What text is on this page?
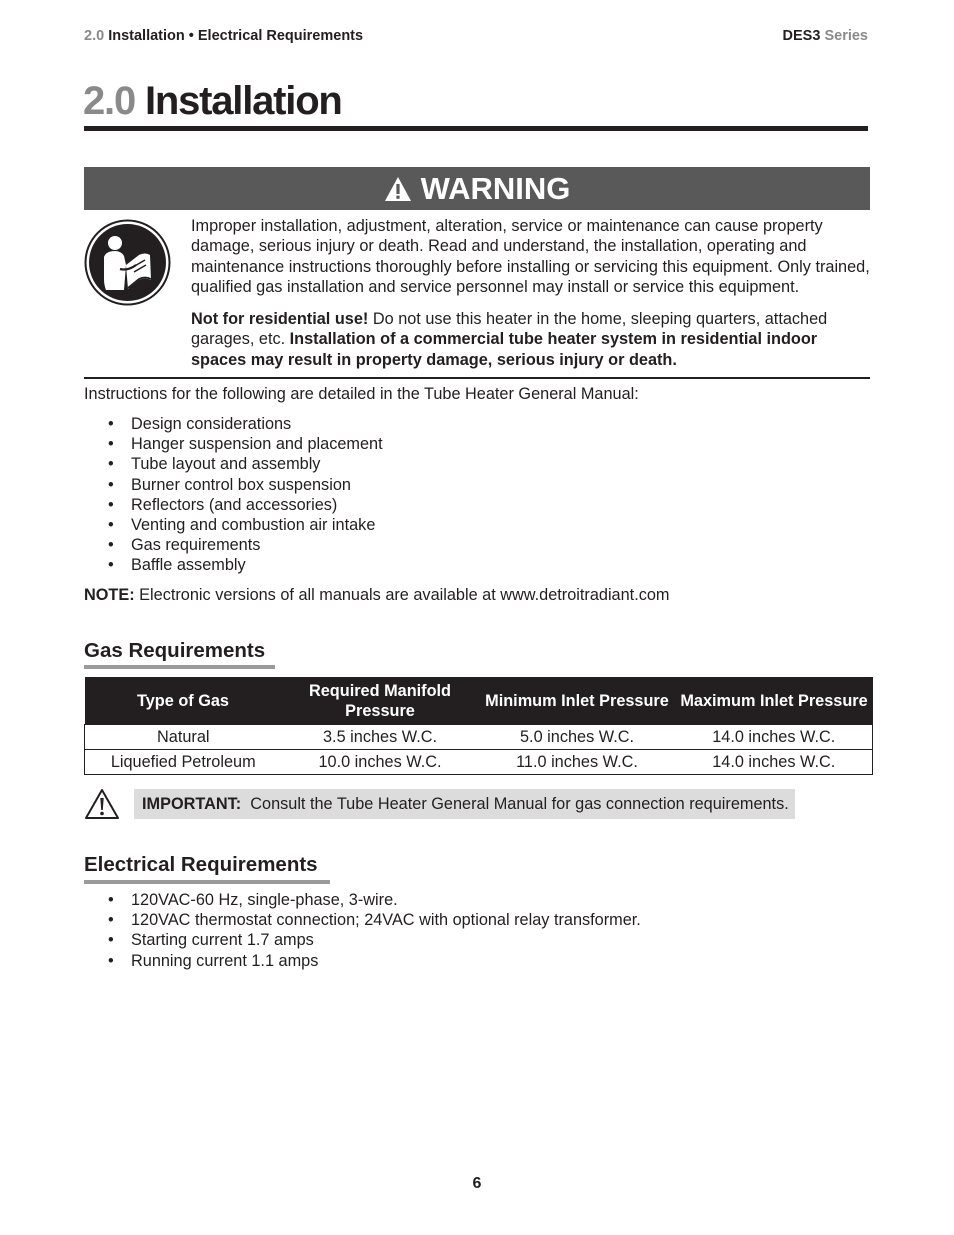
2.0 Installation • Electrical Requirements	DES3 Series
2.0 Installation
WARNING

Improper installation, adjustment, alteration, service or maintenance can cause property damage, serious injury or death. Read and understand, the installation, operating and maintenance instructions thoroughly before installing or servicing this equipment. Only trained, qualified gas installation and service personnel may install or service this equipment.

Not for residential use! Do not use this heater in the home, sleeping quarters, attached garages, etc. Installation of a commercial tube heater system in residential indoor spaces may result in property damage, serious injury or death.

Instructions for the following are detailed in the Tube Heater General Manual:

• Design considerations
• Hanger suspension and placement
• Tube layout and assembly
• Burner control box suspension
• Reflectors (and accessories)
• Venting and combustion air intake
• Gas requirements
• Baffle assembly

NOTE: Electronic versions of all manuals are available at www.detroitradiant.com

Gas Requirements
Type of Gas	Required Manifold Pressure	Minimum Inlet Pressure	Maximum Inlet Pressure
Natural	3.5 inches W.C.	5.0 inches W.C.	14.0 inches W.C.
Liquefied Petroleum	10.0 inches W.C.	11.0 inches W.C.	14.0 inches W.C.
IMPORTANT:
Consult the Tube Heater General Manual for gas connection requirements.
Electrical Requirements
• 120VAC-60 Hz, single-phase, 3-wire.
• 120VAC thermostat connection; 24VAC with optional relay transformer.
• Starting current 1.7 amps
• Running current 1.1 amps
6
